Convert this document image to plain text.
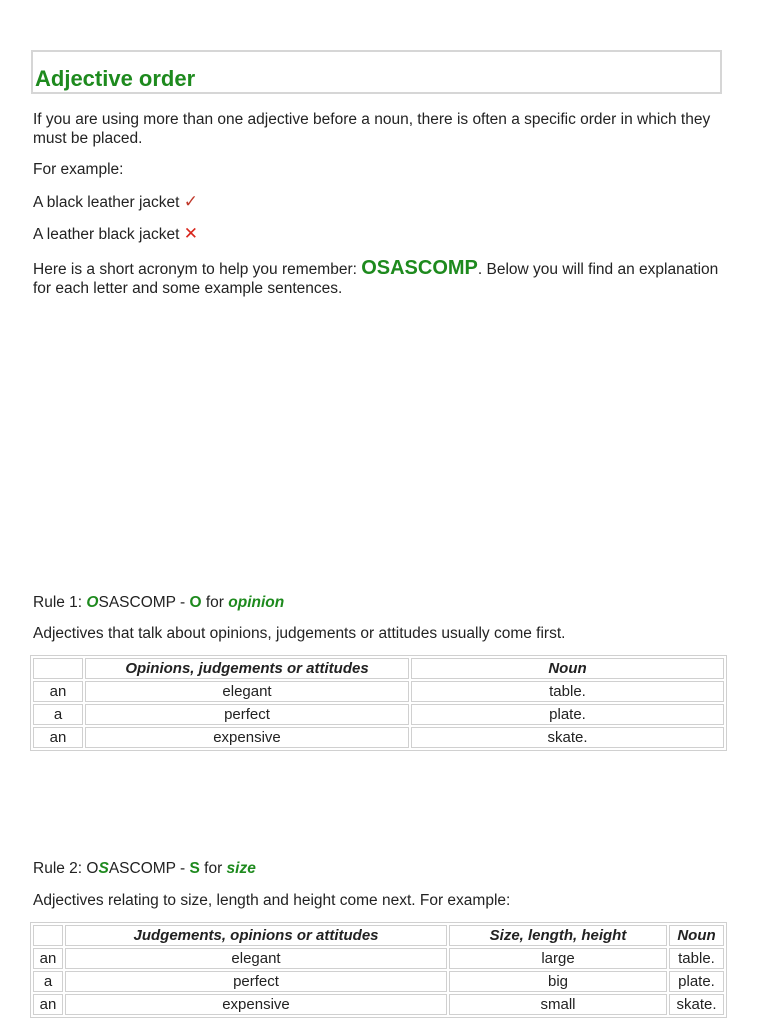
Adjective order

If you are using more than one adjective before a noun, there is often a specific order in which they must be placed.

For example:

A black leather jacket ✓

A leather black jacket ✕

Here is a short acronym to help you remember: OSASCOMP. Below you will find an explanation for each letter and some example sentences.

Rule 1: OSASCOMP - O for opinion

Adjectives that talk about opinions, judgements or attitudes usually come first.

	Opinions, judgements or attitudes	Noun
an	elegant	table.
a	perfect	plate.
an	expensive	skate.

Rule 2: OSASCOMP - S for size

Adjectives relating to size, length and height come next. For example:

	Judgements, opinions or attitudes	Size, length, height	Noun
an	elegant	large	table.
a	perfect	big	plate.
an	expensive	small	skate.
